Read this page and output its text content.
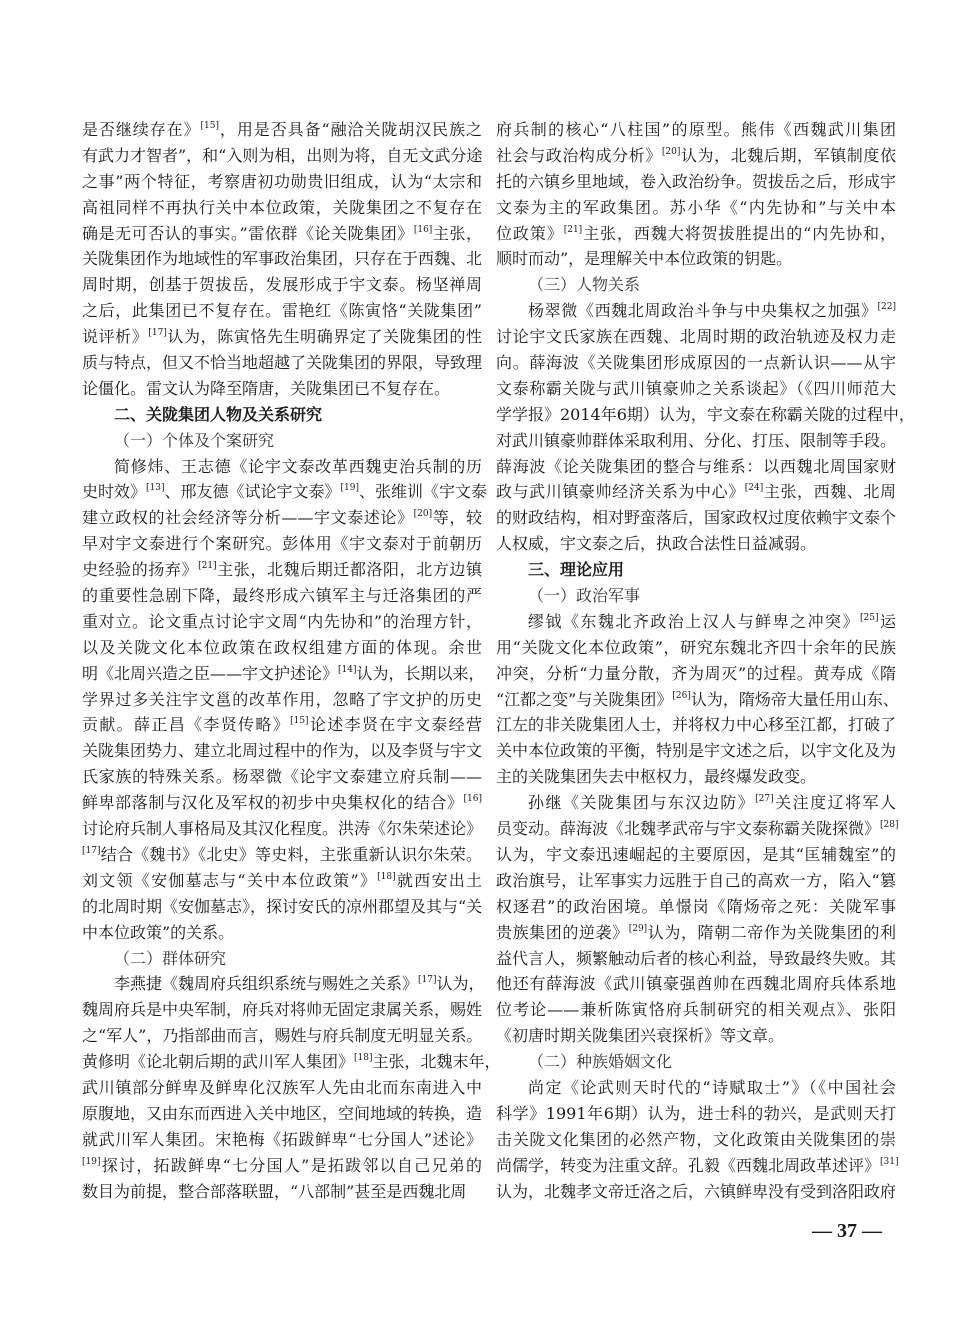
是否继续存在》[15]，用是否具备“融洽关陇胡汉民族之
有武力才智者”，和“入则为相，出则为将，自无文武分途
之事”两个特征，考察唐初功勋贵旧组成，认为“太宗和
高祖同样不再执行关中本位政策，关陇集团之不复存在
确是无可否认的事实。”雷依群《论关陇集团》[16]主张，
关陇集团作为地域性的军事政治集团，只存在于西魏、北
周时期，创基于贺拔岳，发展形成于宇文泰。杨坚禅周
之后，此集团已不复存在。雷艳红《陈寅恪“关陇集团”
说评析》[17]认为，陈寅恪先生明确界定了关陇集团的性
质与特点，但又不恰当地超越了关陇集团的界限，导致理
论僵化。雷文认为降至隋唐，关陇集团已不复存在。
二、关陇集团人物及关系研究
（一）个体及个案研究
简修炜、王志德《论宇文泰改革西魏吏治兵制的历
史时效》[13]、邢友德《试论宇文泰》[19]、张维训《宇文泰
建立政权的社会经济等分析——宇文泰述论》[20]等，较
早对宇文泰进行个案研究。彭体用《宇文泰对于前朝历
史经验的扬弃》[21]主张，北魏后期迁都洛阳，北方边镇
的重要性急剧下降，最终形成六镇军主与迁洛集团的严
重对立。论文重点讨论宇文周“内先协和”的治理方针，
以及关陇文化本位政策在政权组建方面的体现。余世
明《北周兴造之臣——宇文护述论》[14]认为，长期以来，
学界过多关注宇文邕的改革作用，忽略了宇文护的历史
贡献。薛正昌《李贤传略》[15]论述李贤在宇文泰经营
关陇集团势力、建立北周过程中的作为，以及李贤与宇文
氏家族的特殊关系。杨翠微《论宇文泰建立府兵制——
鲜卑部落制与汉化及军权的初步中央集权化的结合》[16]
讨论府兵制人事格局及其汉化程度。洪涛《尔朱荣述论》
[17]结合《魏书》《北史》等史料，主张重新认识尔朱荣。
刘文领《安伽墓志与“关中本位政策”》[18]就西安出土
的北周时期《安伽墓志》，探讨安氏的凉州郡望及其与“关
中本位政策”的关系。
（二）群体研究
李燕捷《魏周府兵组织系统与赐姓之关系》[17]认为，
魏周府兵是中央军制，府兵对将帅无固定隶属关系，赐姓
之“军人”，乃指部曲而言，赐姓与府兵制度无明显关系。
黄修明《论北朝后期的武川军人集团》[18]主张，北魏末年，
武川镇部分鲜卑及鲜卑化汉族军人先由北而东南进入中
原腹地，又由东而西进入关中地区，空间地域的转换，造
就武川军人集团。宋艳梅《拓跋鲜卑“七分国人”述论》
[19]探讨，拓跋鲜卑“七分国人”是拓跋邻以自己兄弟的
数目为前提，整合部落联盟，“八部制”甚至是西魏北周
府兵制的核心“八柱国”的原型。熊伟《西魏武川集团
社会与政治构成分析》[20]认为，北魏后期，军镇制度依
托的六镇乡里地域，卷入政治纷争。贺拔岳之后，形成宇
文泰为主的军政集团。苏小华《“内先协和”与关中本
位政策》[21]主张，西魏大将贺拔胜提出的“内先协和，
顺时而动”，是理解关中本位政策的钥匙。
（三）人物关系
杨翠微《西魏北周政治斗争与中央集权之加强》[22]
讨论宇文氏家族在西魏、北周时期的政治轨迹及权力走
向。薛海波《关陇集团形成原因的一点新认识——从宇
文泰称霸关陇与武川镇豪帅之关系谈起》（《四川师范大
学学报》2014年6期）认为，宇文泰在称霸关陇的过程中，
对武川镇豪帅群体采取利用、分化、打压、限制等手段。
薛海波《论关陇集团的整合与维系：以西魏北周国家财
政与武川镇豪帅经济关系为中心》[24]主张，西魏、北周
的财政结构，相对野蛮落后，国家政权过度依赖宇文泰个
人权威，宇文泰之后，执政合法性日益减弱。
三、理论应用
（一）政治军事
缪钺《东魏北齐政治上汉人与鲜卑之冲突》[25]运
用“关陇文化本位政策”，研究东魏北齐四十余年的民族
冲突，分析“力量分散，齐为周灭”的过程。黄寿成《隋
“江都之变”与关陇集团》[26]认为，隋炀帝大量任用山东、
江左的非关陇集团人士，并将权力中心移至江都，打破了
关中本位政策的平衡，特别是宇文述之后，以宇文化及为
主的关陇集团失去中枢权力，最终爆发政变。
孙继《关陇集团与东汉边防》[27]关注度辽将军人
员变动。薛海波《北魏孝武帝与宇文泰称霸关陇探微》[28]
认为，宇文泰迅速崛起的主要原因，是其“匡辅魏室”的
政治旗号，让军事实力远胜于自己的高欢一方，陷入“篡
权逐君”的政治困境。单憬岗《隋炀帝之死：关陇军事
贵族集团的逆袭》[29]认为，隋朝二帝作为关陇集团的利
益代言人，频繁触动后者的核心利益，导致最终失败。其
他还有薛海波《武川镇豪强酋帅在西魏北周府兵体系地
位考论——兼析陈寅恪府兵制研究的相关观点》、张阳
《初唐时期关陇集团兴衰探析》等文章。
（二）种族婚姻文化
尚定《论武则天时代的“诗赋取士”》（《中国社会
科学》1991年6期）认为，进士科的勃兴，是武则天打
击关陇文化集团的必然产物，文化政策由关陇集团的崇
尚儒学，转变为注重文辞。孔毅《西魏北周政革述评》[31]
认为，北魏孝文帝迁洛之后，六镇鲜卑没有受到洛阳政府
— 37 —
